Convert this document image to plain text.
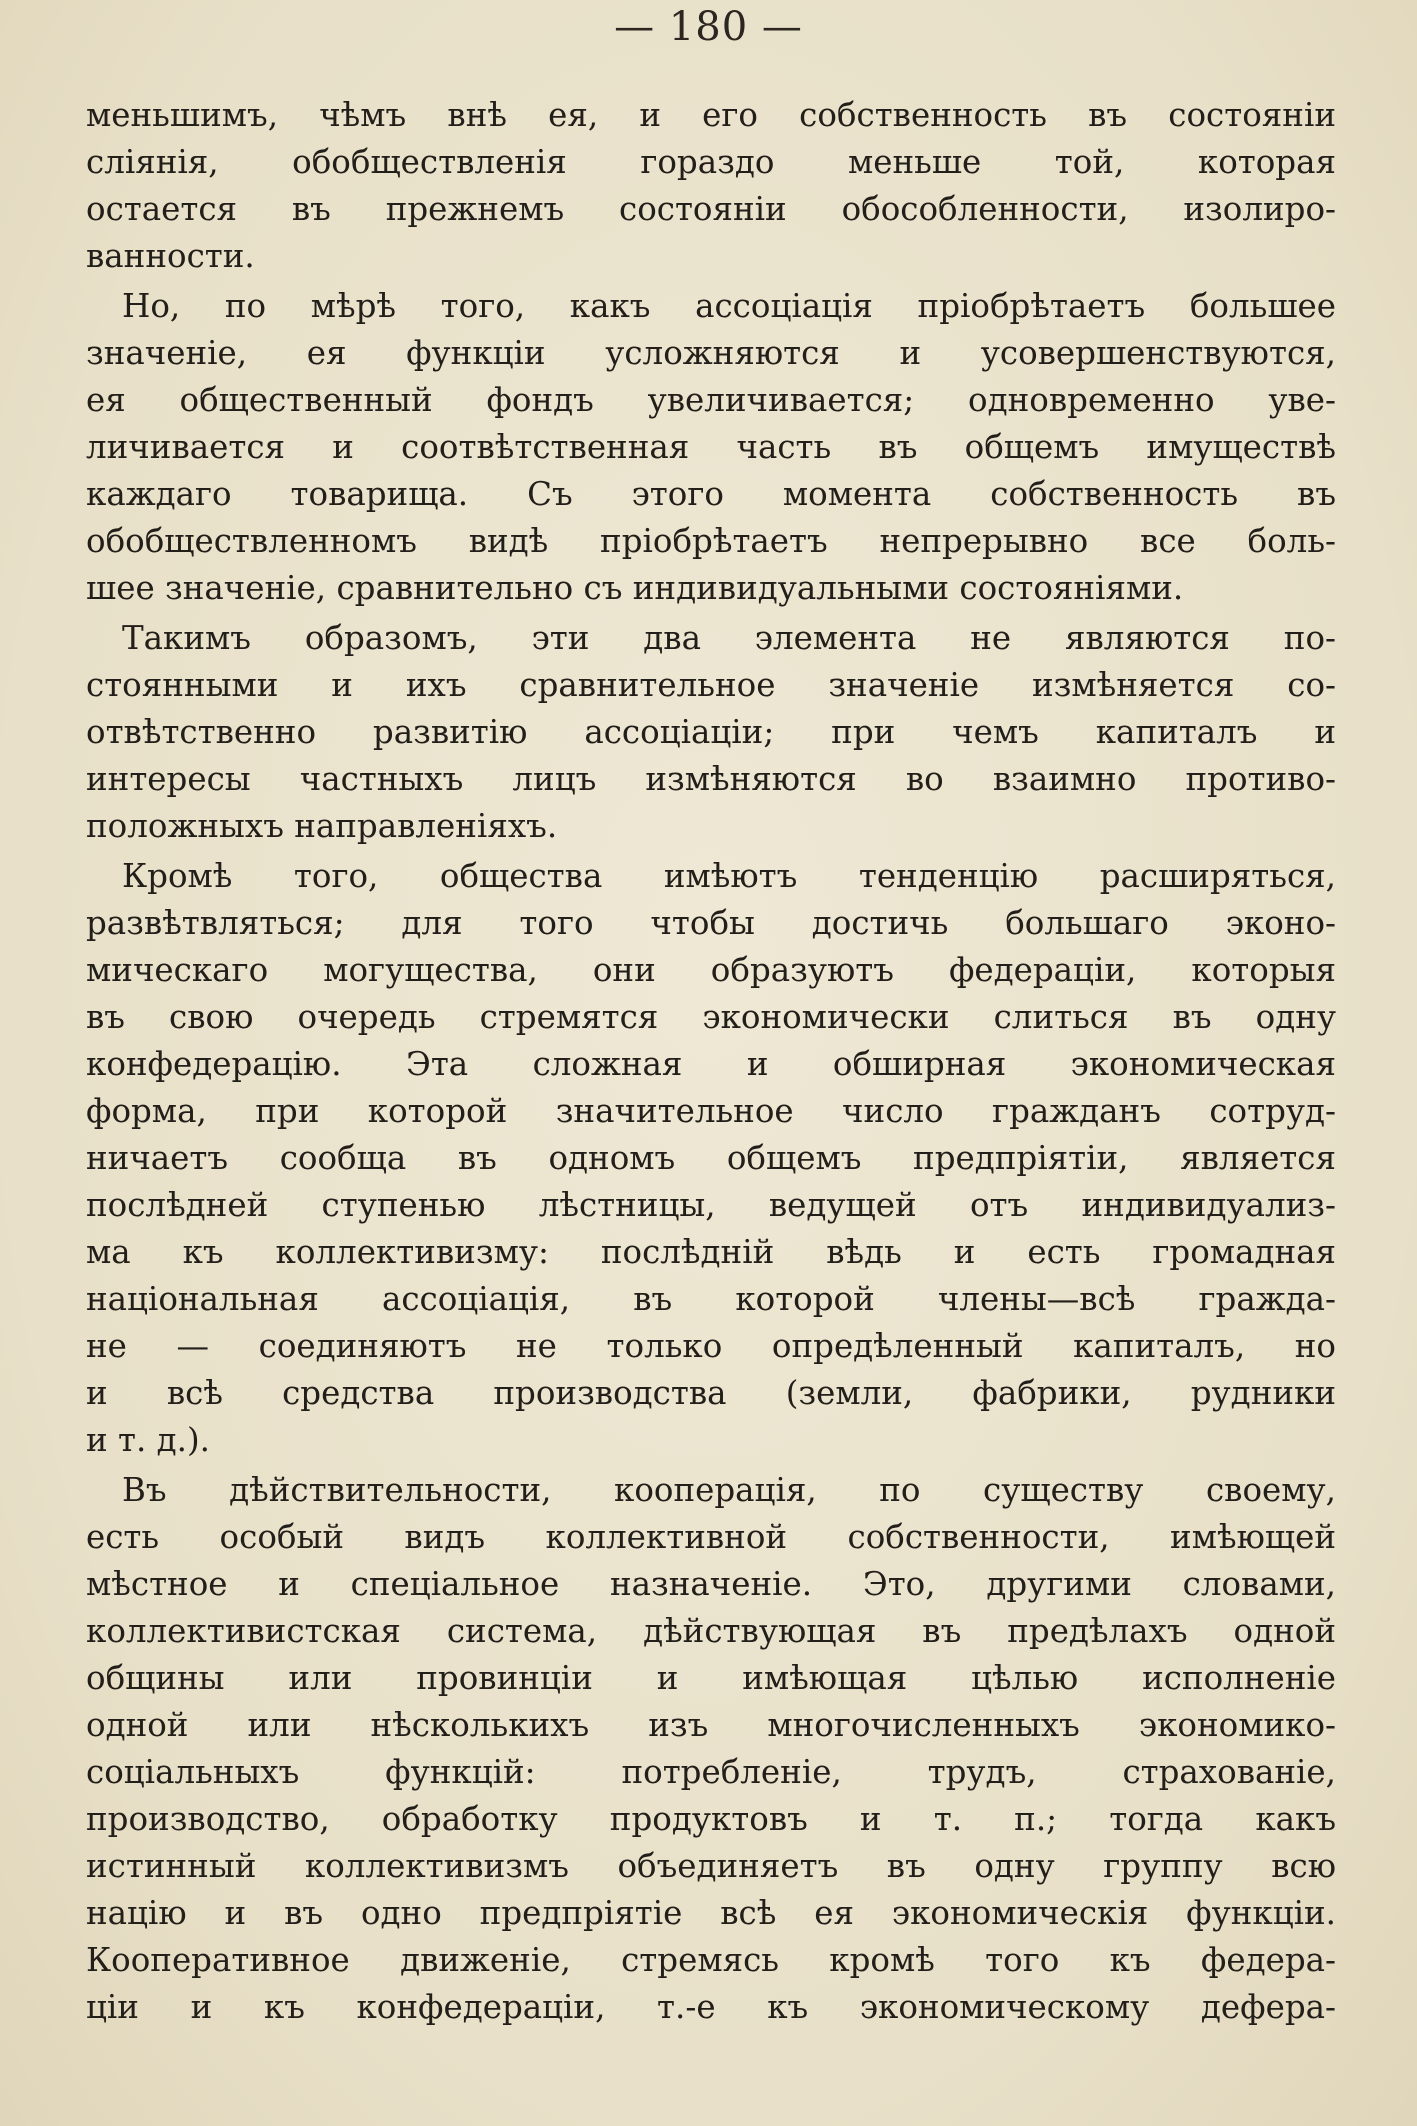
— 180 —
меньшимъ, чѣмъ внѣ ея, и его собственность въ состояніи
сліянія, обобществленія гораздо меньше той, которая
остается въ прежнемъ состояніи обособленности, изолиро-
ванности.
Но, по мѣрѣ того, какъ ассоціація пріобрѣтаетъ большее
значеніе, ея функціи усложняются и усовершенствуются,
ея общественный фондъ увеличивается; одновременно уве-
личивается и соотвѣтственная часть въ общемъ имуществѣ
каждаго товарища. Съ этого момента собственность въ
обобществленномъ видѣ пріобрѣтаетъ непрерывно все боль-
шее значеніе, сравнительно съ индивидуальными состояніями.
Такимъ образомъ, эти два элемента не являются по-
стоянными и ихъ сравнительное значеніе измѣняется со-
отвѣтственно развитію ассоціаціи; при чемъ капиталъ и
интересы частныхъ лицъ измѣняются во взаимно противо-
положныхъ направленіяхъ.
Кромѣ того, общества имѣютъ тенденцію расширяться,
развѣтвляться; для того чтобы достичь большаго эконо-
мическаго могущества, они образуютъ федераціи, которыя
въ свою очередь стремятся экономически слиться въ одну
конфедерацію. Эта сложная и обширная экономическая
форма, при которой значительное число гражданъ сотруд-
ничаетъ сообща въ одномъ общемъ предпріятіи, является
послѣдней ступенью лѣстницы, ведущей отъ индивидуализ-
ма къ коллективизму: послѣдній вѣдь и есть громадная
національная ассоціація, въ которой члены—всѣ гражда-
не — соединяютъ не только опредѣленный капиталъ, но
и всѣ средства производства (земли, фабрики, рудники
и т. д.).
Въ дѣйствительности, кооперація, по существу своему,
есть особый видъ коллективной собственности, имѣющей
мѣстное и спеціальное назначеніе. Это, другими словами,
коллективистская система, дѣйствующая въ предѣлахъ одной
общины или провинціи и имѣющая цѣлью исполненіе
одной или нѣсколькихъ изъ многочисленныхъ экономико-
соціальныхъ функцій: потребленіе, трудъ, страхованіе,
производство, обработку продуктовъ и т. п.; тогда какъ
истинный коллективизмъ объединяетъ въ одну группу всю
націю и въ одно предпріятіе всѣ ея экономическія функціи.
Кооперативное движеніе, стремясь кромѣ того къ федера-
ціи и къ конфедераціи, т.-е къ экономическому дефера-
